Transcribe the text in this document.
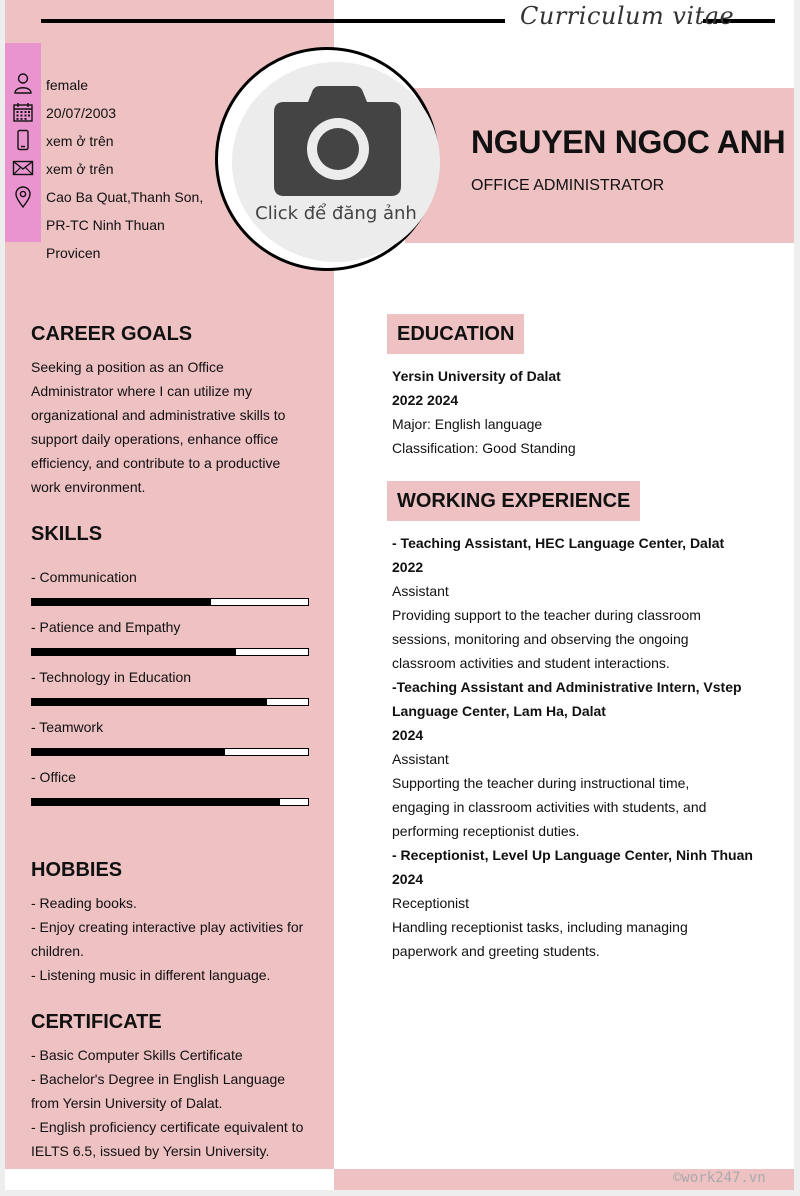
Curriculum vitae
female
20/07/2003
xem ở trên
xem ở trên
Cao Ba Quat,Thanh Son,
PR-TC Ninh Thuan
Provicen
Click để đăng ảnh
NGUYEN NGOC ANH
OFFICE ADMINISTRATOR
CAREER GOALS
Seeking a position as an Office
Administrator where I can utilize my
organizational and administrative skills to
support daily operations, enhance office
efficiency, and contribute to a productive
work environment.
SKILLS
- Communication
- Patience and Empathy
- Technology in Education
- Teamwork
- Office
HOBBIES
- Reading books.
- Enjoy creating interactive play activities for
children.
- Listening music in different language.
CERTIFICATE
- Basic Computer Skills Certificate
- Bachelor's Degree in English Language
from Yersin University of Dalat.
- English proficiency certificate equivalent to
IELTS 6.5, issued by Yersin University.
EDUCATION
Yersin University of Dalat
2022 2024
Major: English language
Classification: Good Standing
WORKING EXPERIENCE
- Teaching Assistant, HEC Language Center, Dalat
2022
Assistant
Providing support to the teacher during classroom
sessions, monitoring and observing the ongoing
classroom activities and student interactions.
-Teaching Assistant and Administrative Intern, Vstep
Language Center, Lam Ha, Dalat
2024
Assistant
Supporting the teacher during instructional time,
engaging in classroom activities with students, and
performing receptionist duties.
- Receptionist, Level Up Language Center, Ninh Thuan
2024
Receptionist
Handling receptionist tasks, including managing
paperwork and greeting students.
©work247.vn
